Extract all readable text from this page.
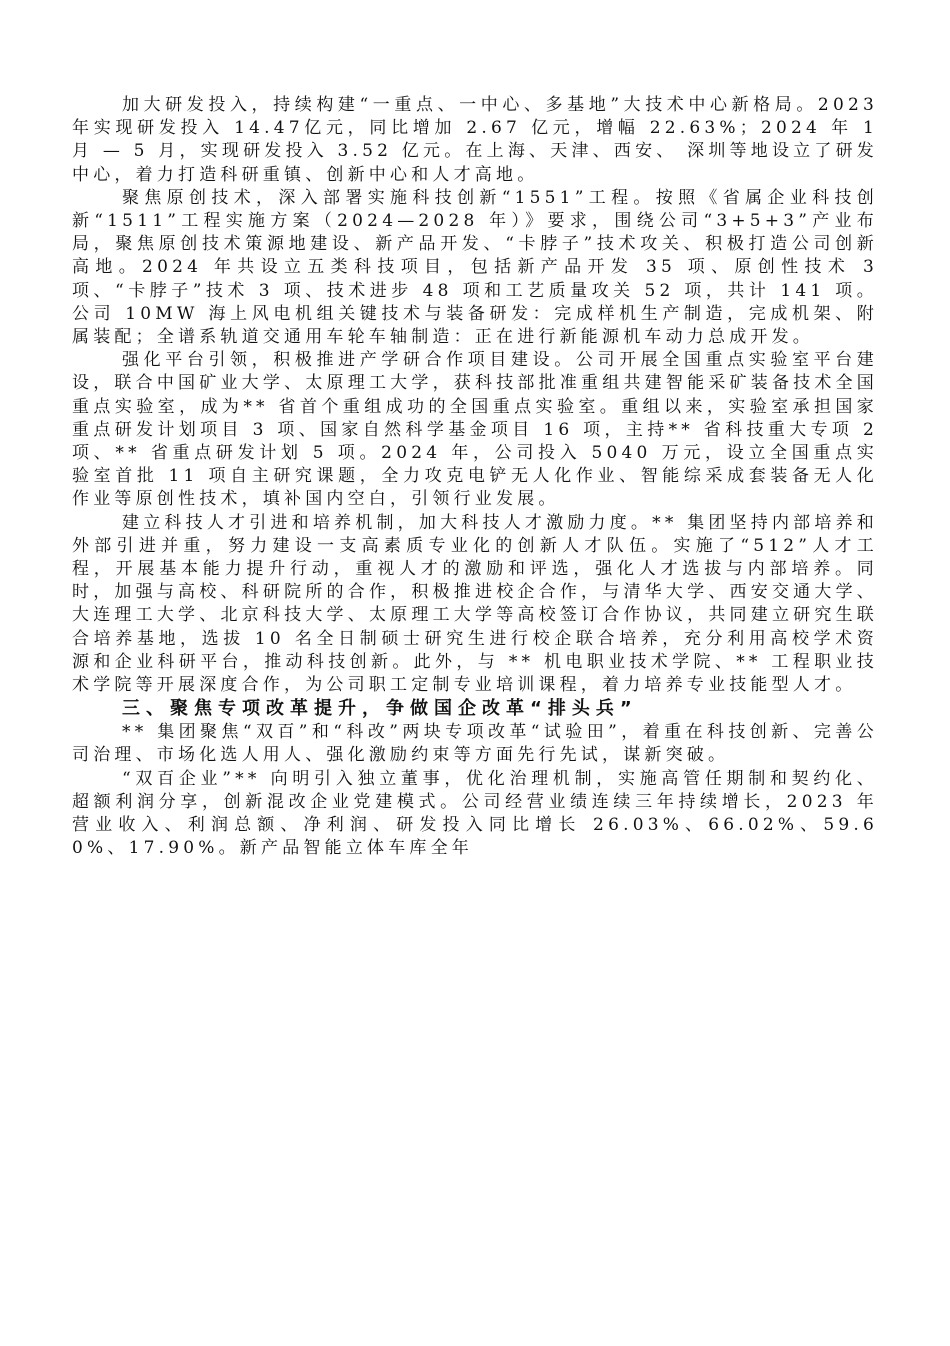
加大研发投入，持续构建“一重点、一中心、多基地”大技术中心新格局。2023 年实现研发投入 14.47亿元，同比增加 2.67 亿元，增幅 22.63%；2024 年 1 月 — 5 月，实现研发投入 3.52 亿元。在上海、天津、西安、 深圳等地设立了研发中心，着力打造科研重镇、创新中心和人才高地。

聚焦原创技术，深入部署实施科技创新“1551”工程。按照《省属企业科技创新“1511”工程实施方案（2024—2028 年）》要求，围绕公司“3+5+3”产业布局，聚焦原创技术策源地建设、新产品开发、“卡脖子”技术攻关、积极打造公司创新高地。2024 年共设立五类科技项目，包括新产品开发 35 项、原创性技术 3 项、“卡脖子”技术 3 项、技术进步 48 项和工艺质量攻关 52 项，共计 141 项。公司 10MW 海上风电机组关键技术与装备研发：完成样机生产制造，完成机架、附属装配；全谱系轨道交通用车轮车轴制造：正在进行新能源机车动力总成开发。

强化平台引领，积极推进产学研合作项目建设。公司开展全国重点实验室平台建设，联合中国矿业大学、太原理工大学，获科技部批准重组共建智能采矿装备技术全国重点实验室，成为** 省首个重组成功的全国重点实验室。重组以来，实验室承担国家重点研发计划项目 3 项、国家自然科学基金项目 16 项，主持** 省科技重大专项 2 项、** 省重点研发计划 5 项。2024 年，公司投入 5040 万元，设立全国重点实验室首批 11 项自主研究课题，全力攻克电铲无人化作业、智能综采成套装备无人化作业等原创性技术，填补国内空白，引领行业发展。

建立科技人才引进和培养机制，加大科技人才激励力度。** 集团坚持内部培养和外部引进并重，努力建设一支高素质专业化的创新人才队伍。实施了“512”人才工程，开展基本能力提升行动，重视人才的激励和评选，强化人才选拔与内部培养。同时，加强与高校、科研院所的合作，积极推进校企合作，与清华大学、西安交通大学、大连理工大学、北京科技大学、太原理工大学等高校签订合作协议，共同建立研究生联合培养基地，选拔 10 名全日制硕士研究生进行校企联合培养，充分利用高校学术资源和企业科研平台，推动科技创新。此外，与 ** 机电职业技术学院、** 工程职业技术学院等开展深度合作，为公司职工定制专业培训课程，着力培养专业技能型人才。

三、聚焦专项改革提升，争做国企改革“排头兵”

** 集团聚焦“双百”和“科改”两块专项改革“试验田”，着重在科技创新、完善公司治理、市场化选人用人、强化激励约束等方面先行先试，谋新突破。

“双百企业”** 向明引入独立董事，优化治理机制，实施高管任期制和契约化、超额利润分享，创新混改企业党建模式。公司经营业绩连续三年持续增长，2023 年营业收入、利润总额、净利润、研发投入同比增长 26.03%、66.02%、59.60%、17.90%。新产品智能立体车库全年
